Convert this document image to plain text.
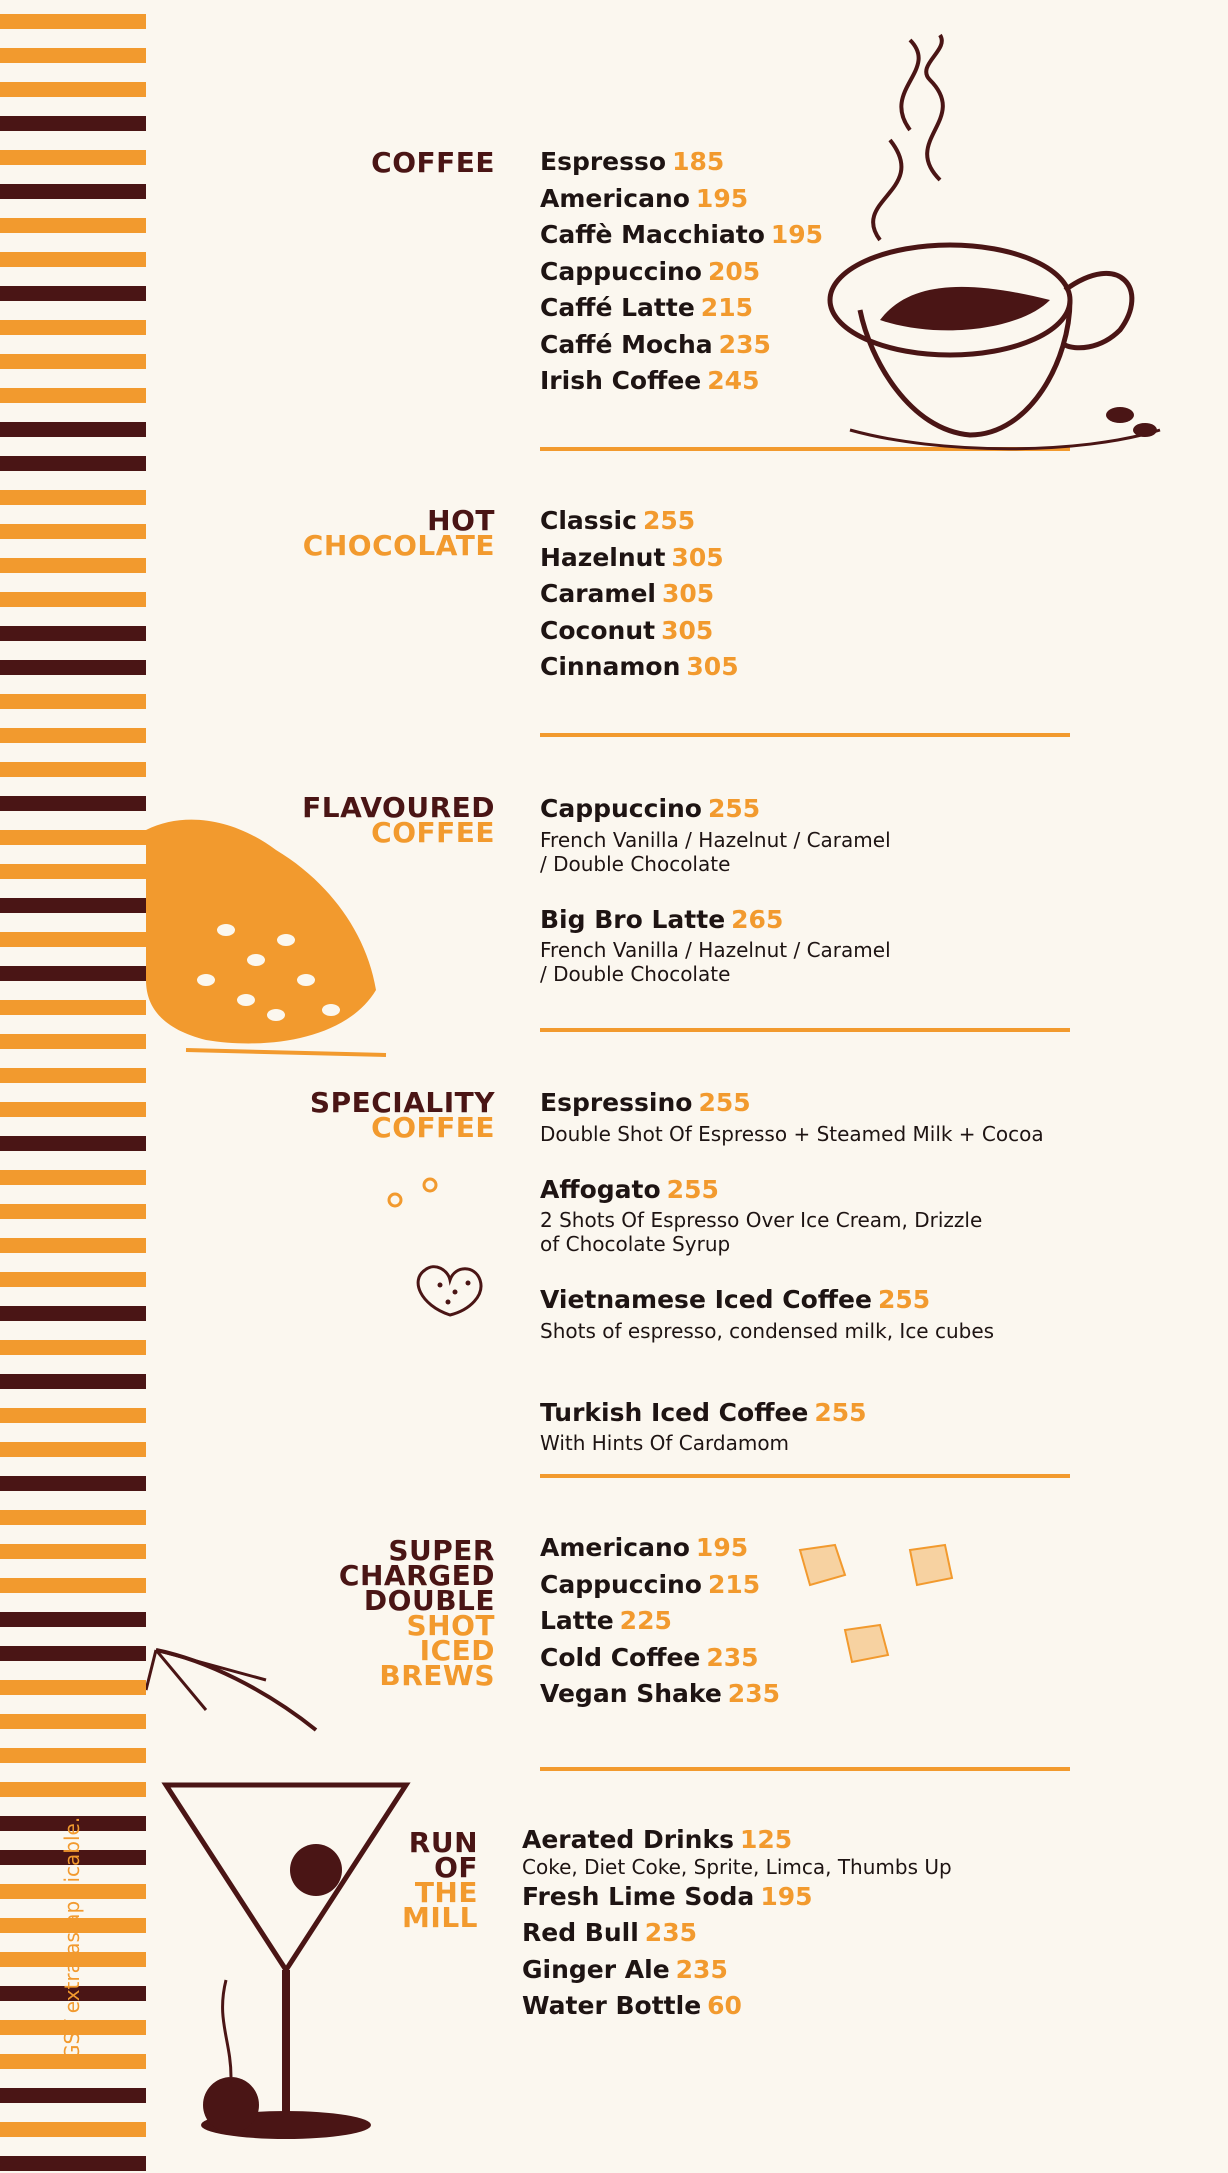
GST extra as applicable.
COFFEE
HOT
CHOCOLATE
FLAVOURED
COFFEE
SPECIALITY
COFFEE
SUPER
CHARGED
DOUBLE
SHOT
ICED
BREWS
RUN
OF
THE
MILL
Espresso 185
Americano 195
Caffè Macchiato 195
Cappuccino 205
Caffé Latte 215
Caffé Mocha 235
Irish Coffee 245
Classic 255
Hazelnut 305
Caramel 305
Coconut 305
Cinnamon 305
Cappuccino 255
French Vanilla / Hazelnut / Caramel
/ Double Chocolate
Big Bro Latte 265
French Vanilla / Hazelnut / Caramel
/ Double Chocolate
Espressino 255
Double Shot Of Espresso + Steamed Milk + Cocoa
Affogato 255
2 Shots Of Espresso Over Ice Cream, Drizzle
of Chocolate Syrup
Vietnamese Iced Coffee 255
Shots of espresso, condensed milk, Ice cubes
Turkish Iced Coffee 255
With Hints Of Cardamom
Americano 195
Cappuccino 215
Latte 225
Cold Coffee 235
Vegan Shake 235
Aerated Drinks 125
Coke, Diet Coke, Sprite, Limca, Thumbs Up
Fresh Lime Soda 195
Red Bull 235
Ginger Ale 235
Water Bottle 60
